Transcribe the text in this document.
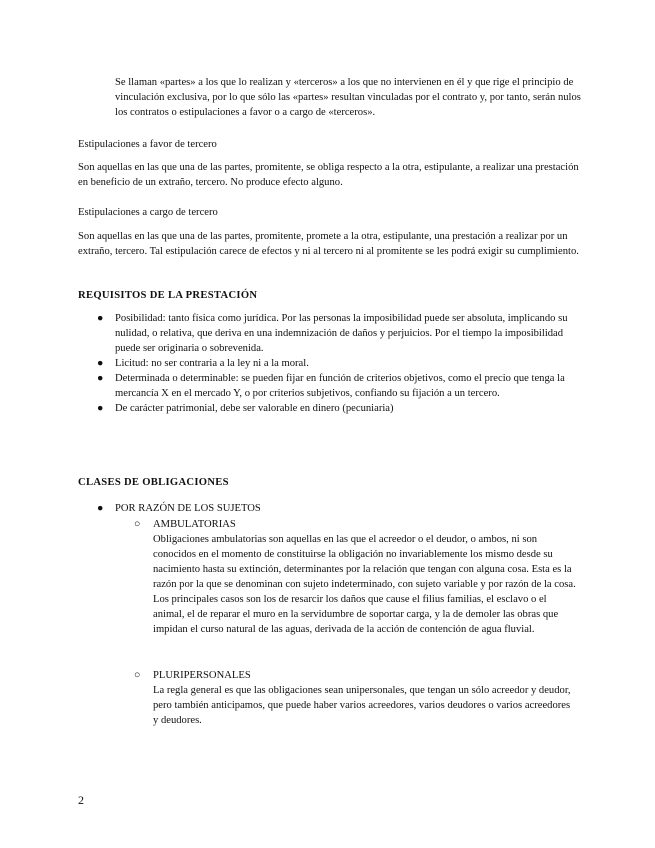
Se llaman «partes» a los que lo realizan y «terceros» a los que no intervienen en él y que rige el principio de vinculación exclusiva, por lo que sólo las «partes» resultan vinculadas por el contrato y, por tanto, serán nulos los contratos o estipulaciones a favor o a cargo de «terceros».

Estipulaciones a favor de tercero

Son aquellas en las que una de las partes, promitente, se obliga respecto a la otra, estipulante, a realizar una prestación en beneficio de un extraño, tercero. No produce efecto alguno.

Estipulaciones a cargo de tercero

Son aquellas en las que una de las partes, promitente, promete a la otra, estipulante, una prestación a realizar por un extraño, tercero. Tal estipulación carece de efectos y ni al tercero ni al promitente se les podrá exigir su cumplimiento.

REQUISITOS DE LA PRESTACIÓN

● Posibilidad: tanto física como jurídica. Por las personas la imposibilidad puede ser absoluta, implicando su nulidad, o relativa, que deriva en una indemnización de daños y perjuicios. Por el tiempo la imposibilidad puede ser originaria o sobrevenida.
● Licitud: no ser contraria a la ley ni a la moral.
● Determinada o determinable: se pueden fijar en función de criterios objetivos, como el precio que tenga la mercancía X en el mercado Y, o por criterios subjetivos, confiando su fijación a un tercero.
● De carácter patrimonial, debe ser valorable en dinero (pecuniaria)

CLASES DE OBLIGACIONES

●	POR RAZÓN DE LOS SUJETOS
○ AMBULATORIAS
Obligaciones ambulatorias son aquellas en las que el acreedor o el deudor, o ambos, ni son conocidos en el momento de constituirse la obligación no invariablemente los mismo desde su nacimiento hasta su extinción, determinantes por la relación que tengan con alguna cosa. Esta es la razón por la que se denominan con sujeto indeterminado, con sujeto variable y por razón de la cosa. Los principales casos son los de resarcir los daños que cause el filius familias, el esclavo o el animal, el de reparar el muro en la servidumbre de soportar carga, y la de demoler las obras que impidan el curso natural de las aguas, derivada de la acción de contención de agua fluvial.
○ PLURIPERSONALES
La regla general es que las obligaciones sean unipersonales, que tengan un sólo acreedor y deudor, pero también anticipamos, que puede haber varios acreedores, varios deudores o varios acreedores y deudores.
2
